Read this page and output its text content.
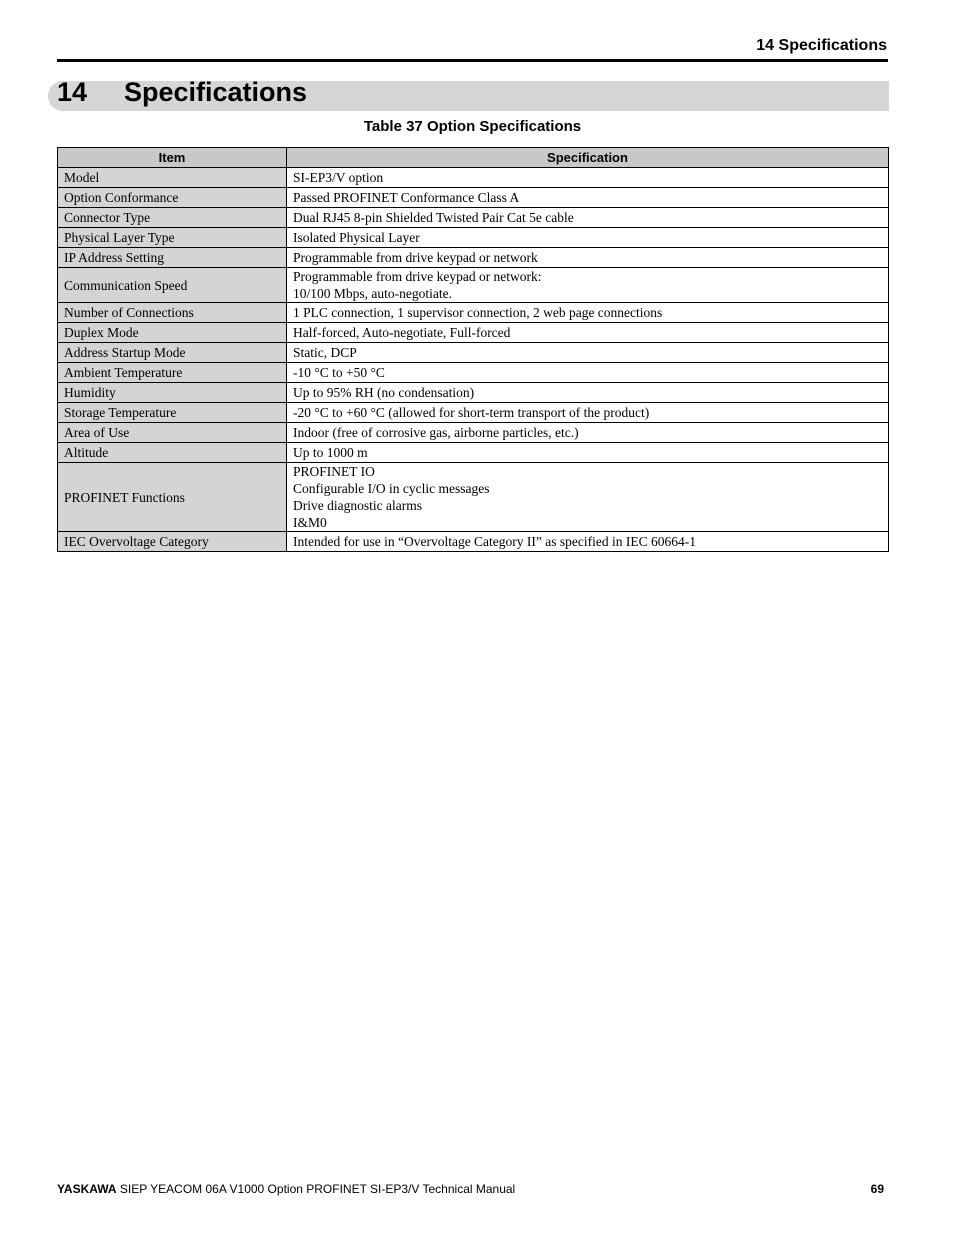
14 Specifications
14 Specifications
Table 37 Option Specifications
Item	Specification
Model	SI-EP3/V option

Option Conformance	Passed PROFINET Conformance Class A

Connector Type	Dual RJ45 8-pin Shielded Twisted Pair Cat 5e cable

Physical Layer Type	Isolated Physical Layer

IP Address Setting	Programmable from drive keypad or network

Communication Speed	Programmable from drive keypad or network:
10/100 Mbps, auto-negotiate.

Number of Connections	1 PLC connection, 1 supervisor connection, 2 web page connections

Duplex Mode	Half-forced, Auto-negotiate, Full-forced

Address Startup Mode	Static, DCP

Ambient Temperature	-10 °C to +50 °C

Humidity	Up to 95% RH (no condensation)

Storage Temperature	-20 °C to +60 °C (allowed for short-term transport of the product)

Area of Use	Indoor (free of corrosive gas, airborne particles, etc.)

Altitude	Up to 1000 m

PROFINET Functions	PROFINET IO
Configurable I/O in cyclic messages
Drive diagnostic alarms
I&M0

IEC Overvoltage Category	Intended for use in “Overvoltage Category II” as specified in IEC 60664-1
YASKAWA SIEP YEACOM 06A V1000 Option PROFINET SI-EP3/V Technical Manual	69
